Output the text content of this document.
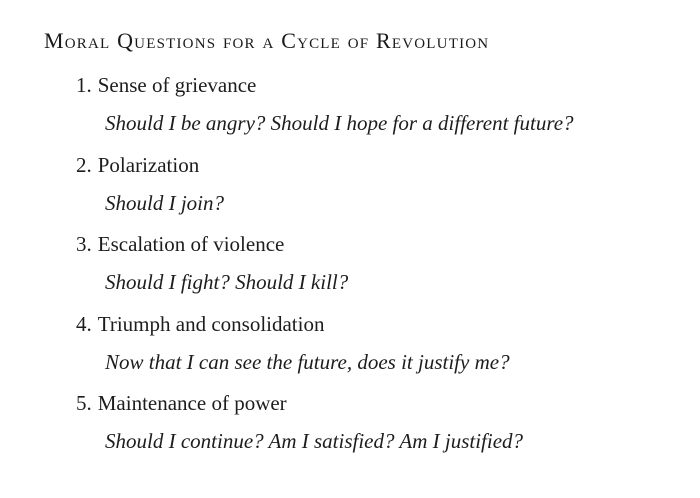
Moral Questions for a Cycle of Revolution
1. Sense of grievance
Should I be angry? Should I hope for a different future?
2. Polarization
Should I join?
3. Escalation of violence
Should I fight? Should I kill?
4. Triumph and consolidation
Now that I can see the future, does it justify me?
5. Maintenance of power
Should I continue? Am I satisfied? Am I justified?
